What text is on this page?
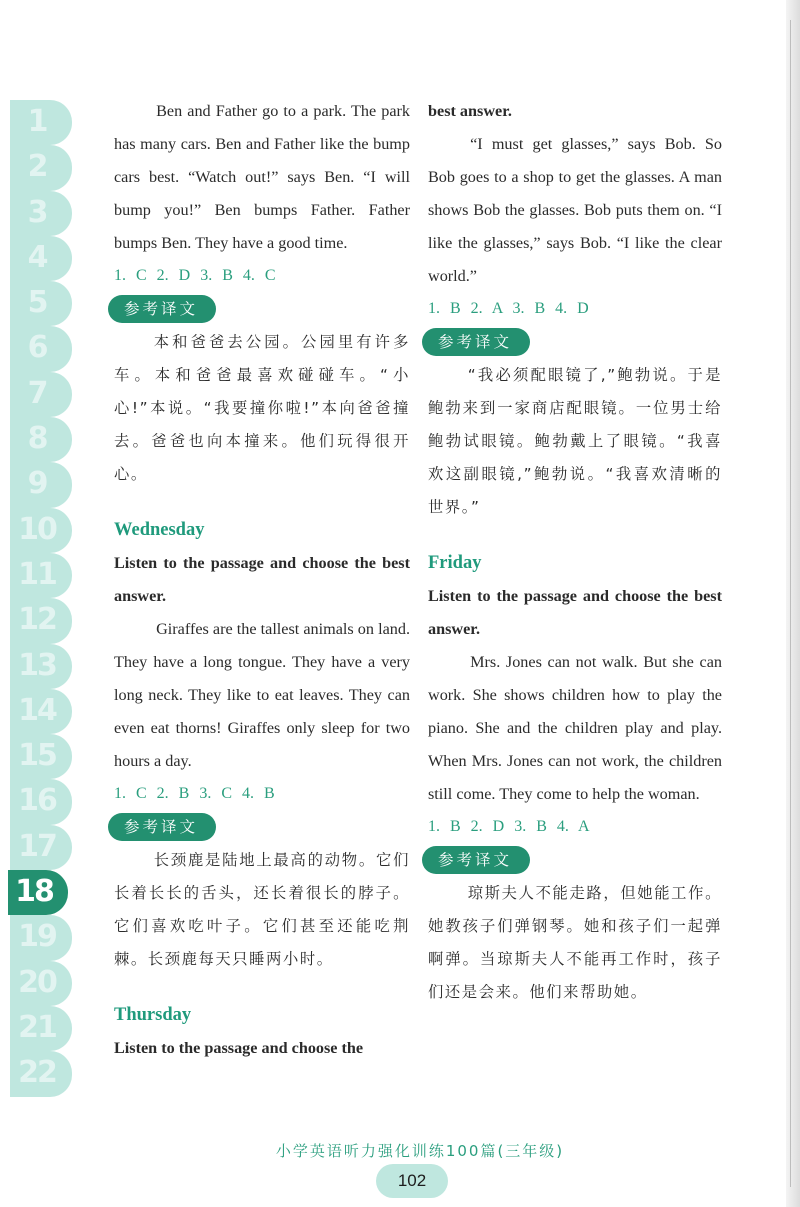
1
2
3
4
5
6
7
8
9
10
11
12
13
14
15
16
17
18
19
20
21
22

Ben and Father go to a park. The park has many cars. Ben and Father like the bump cars best. “Watch out!” says Ben. “I will bump you!” Ben bumps Father. Father bumps Ben. They have a good time.

1. C 2. D 3. B 4. C
参考译文

本和爸爸去公园。公园里有许多车。本和爸爸最喜欢碰碰车。“小心!”本说。“我要撞你啦!”本向爸爸撞去。爸爸也向本撞来。他们玩得很开心。

Wednesday

Listen to the passage and choose the best answer.

Giraffes are the tallest animals on land. They have a long tongue. They have a very long neck. They like to eat leaves. They can even eat thorns! Giraffes only sleep for two hours a day.

1. C 2. B 3. C 4. B
参考译文

长颈鹿是陆地上最高的动物。它们长着长长的舌头，还长着很长的脖子。它们喜欢吃叶子。它们甚至还能吃荆棘。长颈鹿每天只睡两小时。

Thursday

Listen to the passage and choose the

best answer.

“I must get glasses,” says Bob. So Bob goes to a shop to get the glasses. A man shows Bob the glasses. Bob puts them on. “I like the glasses,” says Bob. “I like the clear world.”

1. B 2. A 3. B 4. D
参考译文

“我必须配眼镜了,”鲍勃说。于是鲍勃来到一家商店配眼镜。一位男士给鲍勃试眼镜。鲍勃戴上了眼镜。“我喜欢这副眼镜,”鲍勃说。“我喜欢清晰的世界。”

Friday

Listen to the passage and choose the best answer.

Mrs. Jones can not walk. But she can work. She shows children how to play the piano. She and the children play and play. When Mrs. Jones can not work, the children still come. They come to help the woman.

1. B 2. D 3. B 4. A
参考译文

琼斯夫人不能走路，但她能工作。她教孩子们弹钢琴。她和孩子们一起弹啊弹。当琼斯夫人不能再工作时，孩子们还是会来。他们来帮助她。

小学英语听力强化训练100篇(三年级)
102
